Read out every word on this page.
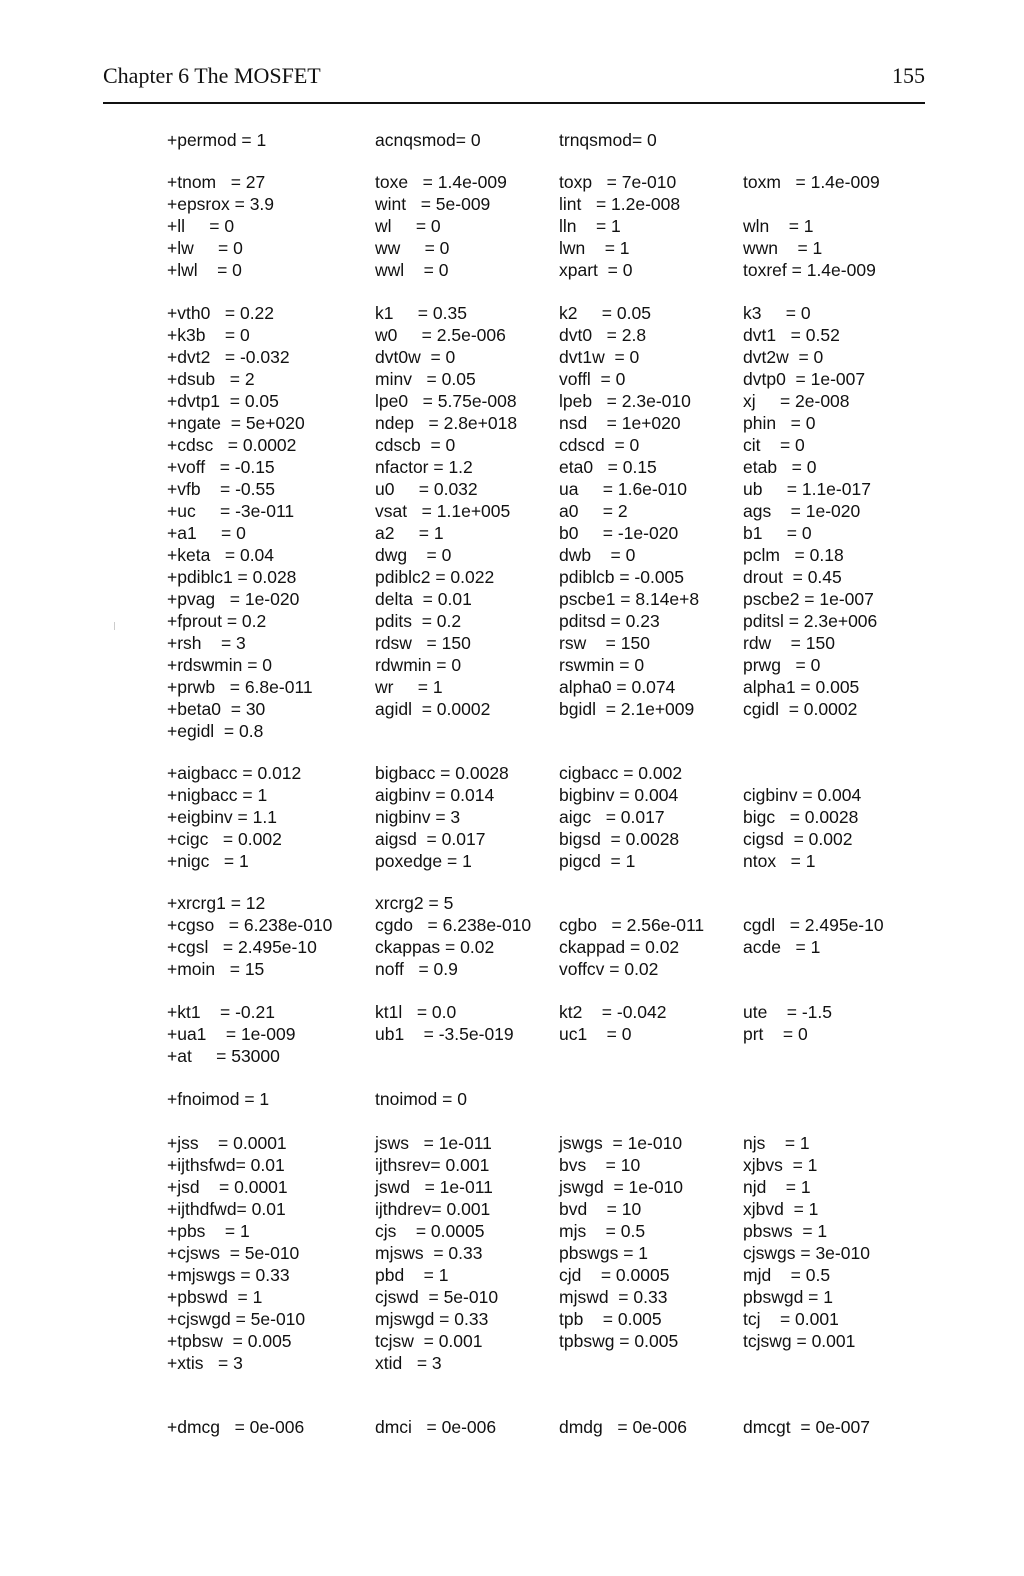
Chapter 6 The MOSFET	155
+permod = 1	acnqsmod= 0	trnqsmod= 0
+tnom   = 27	toxe   = 1.4e-009	toxp   = 7e-010	toxm   = 1.4e-009
+epsrox = 3.9	wint   = 5e-009	lint   = 1.2e-008
+ll     = 0	wl     = 0	lln    = 1	wln    = 1
+lw     = 0	ww     = 0	lwn    = 1	wwn    = 1
+lwl    = 0	wwl    = 0	xpart  = 0	toxref = 1.4e-009
+vth0   = 0.22	k1     = 0.35	k2     = 0.05	k3     = 0
+k3b    = 0	w0     = 2.5e-006	dvt0   = 2.8	dvt1   = 0.52
+dvt2   = -0.032	dvt0w  = 0	dvt1w  = 0	dvt2w  = 0
+dsub   = 2	minv   = 0.05	voffl  = 0	dvtp0  = 1e-007
+dvtp1  = 0.05	lpe0   = 5.75e-008 lpeb   = 2.3e-010	xj     = 2e-008
+ngate  = 5e+020	ndep   = 2.8e+018 nsd    = 1e+020	phin   = 0
+cdsc   = 0.0002	cdscb  = 0	cdscd  = 0	cit    = 0
+voff   = -0.15	nfactor = 1.2	eta0   = 0.15	etab   = 0
+vfb    = -0.55	u0     = 0.032	ua     = 1.6e-010	ub     = 1.1e-017
+uc     = -3e-011	vsat   = 1.1e+005	a0     = 2	ags    = 1e-020
+a1     = 0	a2     = 1	b0     = -1e-020	b1     = 0
+keta   = 0.04	dwg    = 0	dwb    = 0	pclm   = 0.18
+pdiblc1 = 0.028	pdiblc2 = 0.022	pdiblcb = -0.005	drout  = 0.45
+pvag   = 1e-020	delta  = 0.01	pscbe1 = 8.14e+8	pscbe2 = 1e-007
+fprout = 0.2	pdits  = 0.2	pditsd = 0.23	pditsl = 2.3e+006
+rsh    = 3	rdsw   = 150	rsw    = 150	rdw    = 150
+rdswmin = 0	rdwmin = 0	rswmin = 0	prwg   = 0
+prwb   = 6.8e-011	wr     = 1	alpha0 = 0.074	alpha1 = 0.005
+beta0  = 30	agidl  = 0.0002	bgidl  = 2.1e+009	cgidl  = 0.0002
+egidl  = 0.8
+aigbacc = 0.012	bigbacc = 0.0028	cigbacc = 0.002
+nigbacc = 1	aigbinv = 0.014	bigbinv = 0.004	cigbinv = 0.004
+eigbinv = 1.1	nigbinv = 3	aigc   = 0.017	bigc   = 0.0028
+cigc   = 0.002	aigsd  = 0.017	bigsd  = 0.0028	cigsd  = 0.002
+nigc   = 1	poxedge = 1	pigcd  = 1	ntox   = 1
+xrcrg1 = 12	xrcrg2 = 5
+cgso   = 6.238e-010 cgdo   = 6.238e-010 cgbo   = 2.56e-011 cgdl   = 2.495e-10
+cgsl   = 2.495e-10	ckappas = 0.02	ckappad = 0.02	acde   = 1
+moin   = 15	noff   = 0.9	voffcv = 0.02
+kt1    = -0.21	kt1l   = 0.0	kt2    = -0.042	ute    = -1.5
+ua1    = 1e-009	ub1    = -3.5e-019	uc1    = 0	prt    = 0
+at     = 53000
+fnoimod = 1	tnoimod = 0
+jss    = 0.0001	jsws   = 1e-011	jswgs  = 1e-010	njs    = 1
+ijthsfwd= 0.01	ijthsrev= 0.001	bvs    = 10	xjbvs  = 1
+jsd    = 0.0001	jswd   = 1e-011	jswgd  = 1e-010	njd    = 1
+ijthdfwd= 0.01	ijthdrev= 0.001	bvd    = 10	xjbvd  = 1
+pbs    = 1	cjs    = 0.0005	mjs    = 0.5	pbsws  = 1
+cjsws  = 5e-010	mjsws  = 0.33	pbswgs = 1	cjswgs = 3e-010
+mjswgs = 0.33	pbd    = 1	cjd    = 0.0005	mjd    = 0.5
+pbswd  = 1	cjswd  = 5e-010	mjswd  = 0.33	pbswgd = 1
+cjswgd = 5e-010	mjswgd = 0.33	tpb    = 0.005	tcj    = 0.001
+tpbsw  = 0.005	tcjsw  = 0.001	tpbswg = 0.005	tcjswg = 0.001
+xtis   = 3	xtid   = 3
+dmcg   = 0e-006	dmci   = 0e-006	dmdg   = 0e-006	dmcgt  = 0e-007
